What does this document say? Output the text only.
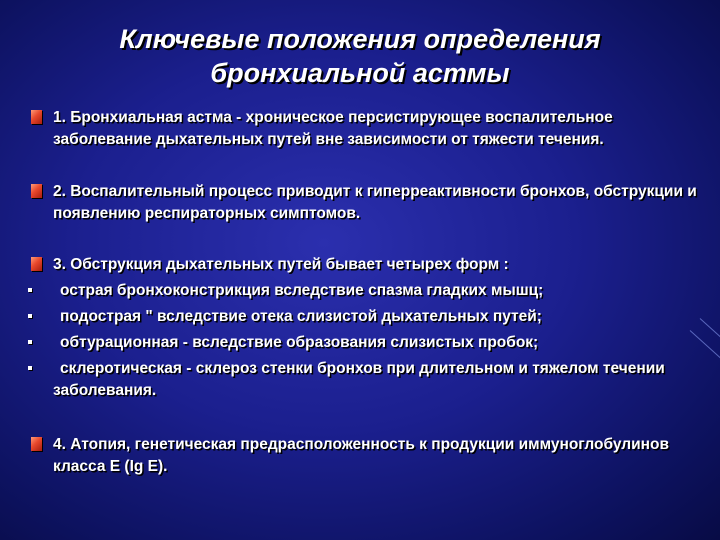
Ключевые положения определения
бронхиальной астмы
1. Бронхиальная астма - хроническое персистирующее воспалительное заболевание дыхательных путей вне зависимости от тяжести течения.
2. Воспалительный процесс приводит к гиперреактивности бронхов, обструкции и появлению респираторных симптомов.
3. Обструкция дыхательных путей бывает четырех форм :
острая бронхоконстрикция вследствие спазма гладких мышц;
подострая " вследствие отека слизистой дыхательных путей;
обтурационная - вследствие образования слизистых пробок;
склеротическая - склероз стенки бронхов при длительном и тяжелом течении заболевания.
4. Атопия, генетическая предрасположенность к продукции иммуноглобулинов класса Е (Ig E).
